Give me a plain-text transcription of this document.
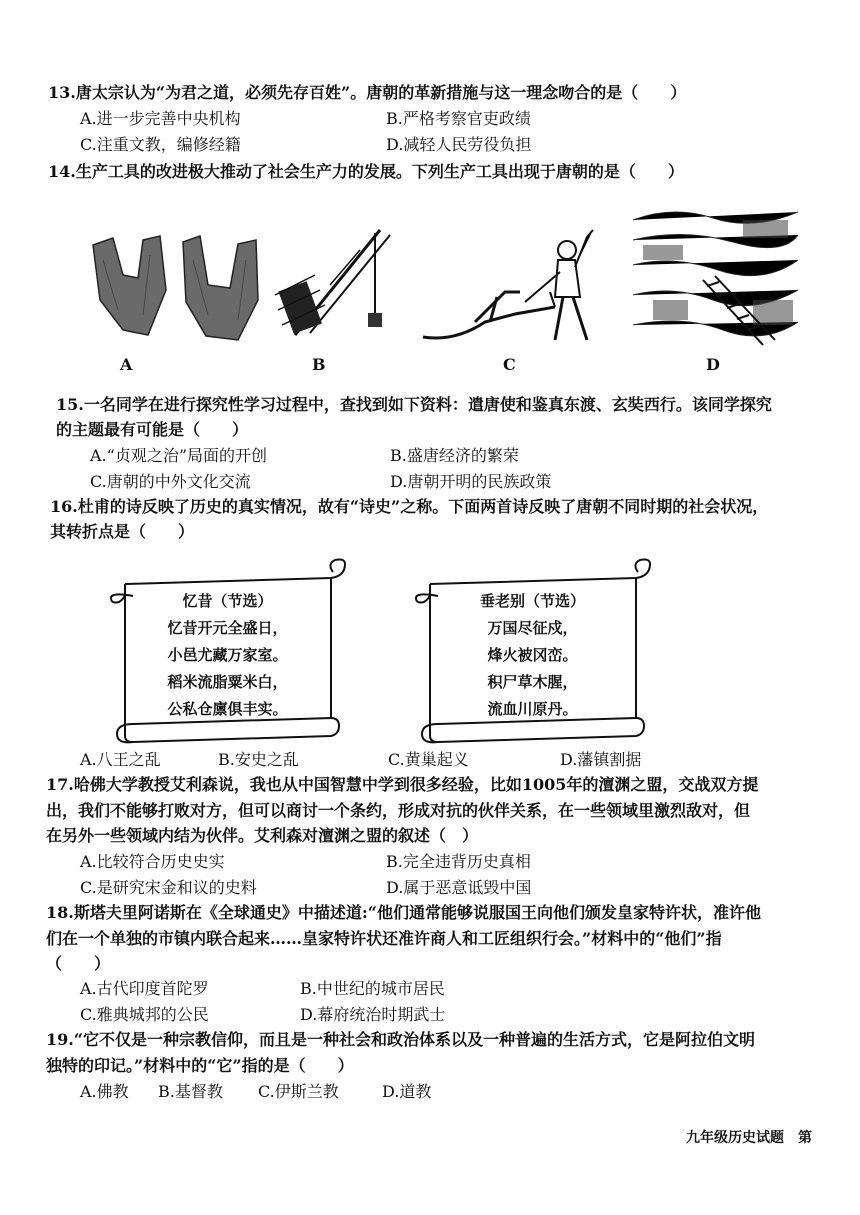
13.唐太宗认为“为君之道，必须先存百姓”。唐朝的革新措施与这一理念吻合的是（　　）
A.进一步完善中央机构	B.严格考察官吏政绩
C.注重文教，编修经籍	D.减轻人民劳役负担
14.生产工具的改进极大推动了社会生产力的发展。下列生产工具出现于唐朝的是（　　）
A	B	C	D
15.一名同学在进行探究性学习过程中，查找到如下资料：遣唐使和鉴真东渡、玄奘西行。该同学探究
的主题最有可能是（　　）
A.“贞观之治”局面的开创	B.盛唐经济的繁荣
C.唐朝的中外文化交流	D.唐朝开明的民族政策
16.杜甫的诗反映了历史的真实情况，故有“诗史”之称。下面两首诗反映了唐朝不同时期的社会状况，
其转折点是（　　）
忆昔（节选）
忆昔开元全盛日，
小邑尤藏万家室。
稻米流脂粟米白，
公私仓廪俱丰实。
垂老别（节选）
万国尽征戍，
烽火被冈峦。
积尸草木腥，
流血川原丹。
A.八王之乱	B.安史之乱	C.黄巢起义	D.藩镇割据
17.哈佛大学教授艾利森说，我也从中国智慧中学到很多经验，比如1005年的澶渊之盟，交战双方提
出，我们不能够打败对方，但可以商讨一个条约，形成对抗的伙伴关系，在一些领域里激烈敌对，但
在另外一些领域内结为伙伴。艾利森对澶渊之盟的叙述（　）
A.比较符合历史史实	B.完全违背历史真相
C.是研究宋金和议的史料	D.属于恶意诋毁中国
18.斯塔夫里阿诺斯在《全球通史》中描述道:“他们通常能够说服国王向他们颁发皇家特许状，准许他
们在一个单独的市镇内联合起来……皇家特许状还准许商人和工匠组织行会。”材料中的“他们”指
（　　）
A.古代印度首陀罗	B.中世纪的城市居民
C.雅典城邦的公民	D.幕府统治时期武士
19.“它不仅是一种宗教信仰，而且是一种社会和政治体系以及一种普遍的生活方式，它是阿拉伯文明
独特的印记。”材料中的“它”指的是（　　）
A.佛教 B.基督教 C.伊斯兰教	D.道教
九年级历史试题　第
